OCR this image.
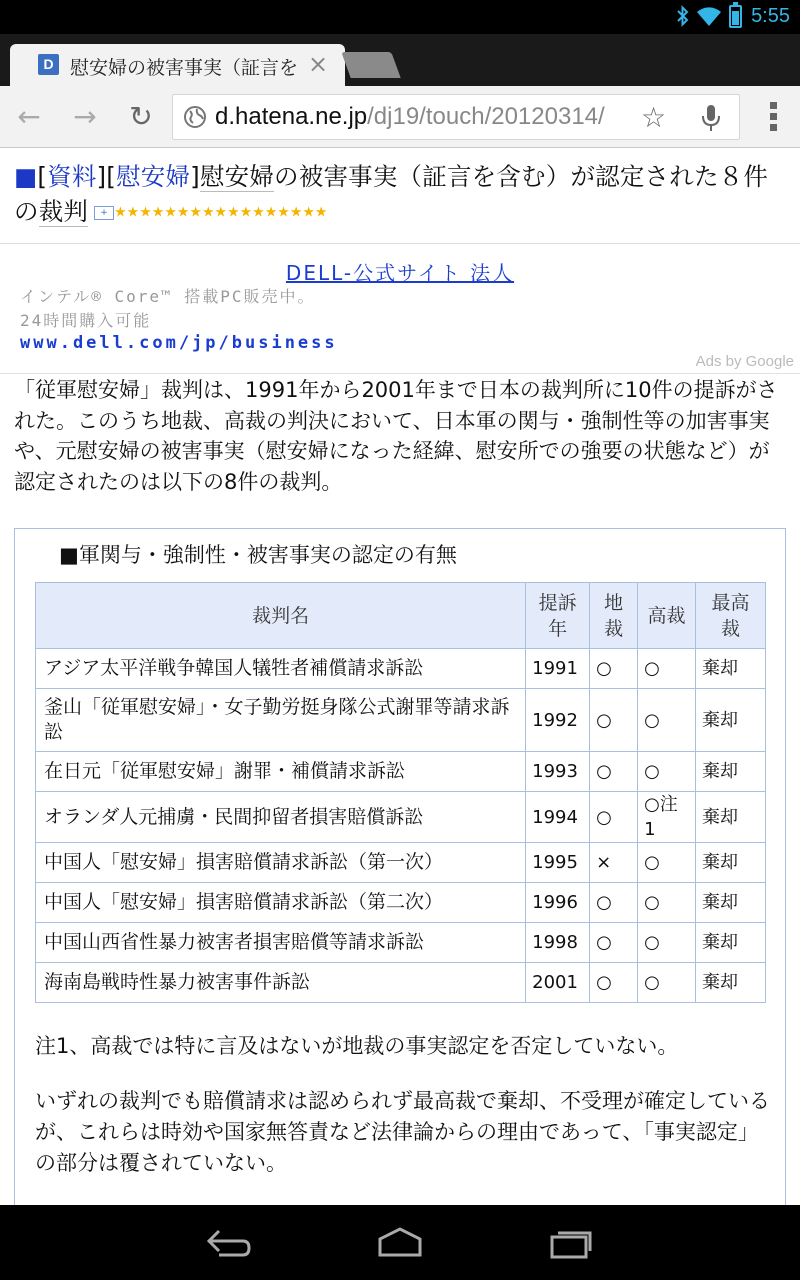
5:55
D 慰安婦の被害事実（証言を ×
← → ↻	d.hatena.ne.jp/dj19/touch/20120314/	☆
■[資料][慰安婦]慰安婦の被害事実（証言を含む）が認定された８件の裁判 + ★★★★★★★★★★★★★★★★★
DELL-公式サイト 法人
インテル® Core™ 搭載PC販売中。
24時間購入可能
www.dell.com/jp/business
Ads by Google
「従軍慰安婦」裁判は、1991年から2001年まで日本の裁判所に10件の提訴がされた。このうち地裁、高裁の判決において、日本軍の関与・強制性等の加害事実や、元慰安婦の被害事実（慰安婦になった経緯、慰安所での強要の状態など）が認定されたのは以下の8件の裁判。
■軍関与・強制性・被害事実の認定の有無
裁判名	提訴年	地裁	高裁	最高裁
アジア太平洋戦争韓国人犠牲者補償請求訴訟	1991	○	○	棄却
釜山「従軍慰安婦」・女子勤労挺身隊公式謝罪等請求訴訟	1992	○	○	棄却
在日元「従軍慰安婦」謝罪・補償請求訴訟	1993	○	○	棄却
オランダ人元捕虜・民間抑留者損害賠償訴訟	1994	○	○注1	棄却
中国人「慰安婦」損害賠償請求訴訟（第一次）	1995	×	○	棄却
中国人「慰安婦」損害賠償請求訴訟（第二次）	1996	○	○	棄却
中国山西省性暴力被害者損害賠償等請求訴訟	1998	○	○	棄却
海南島戦時性暴力被害事件訴訟	2001	○	○	棄却
注1、高裁では特に言及はないが地裁の事実認定を否定していない。
いずれの裁判でも賠償請求は認められず最高裁で棄却、不受理が確定しているが、これらは時効や国家無答責など法律論からの理由であって、「事実認定」の部分は覆されていない。
